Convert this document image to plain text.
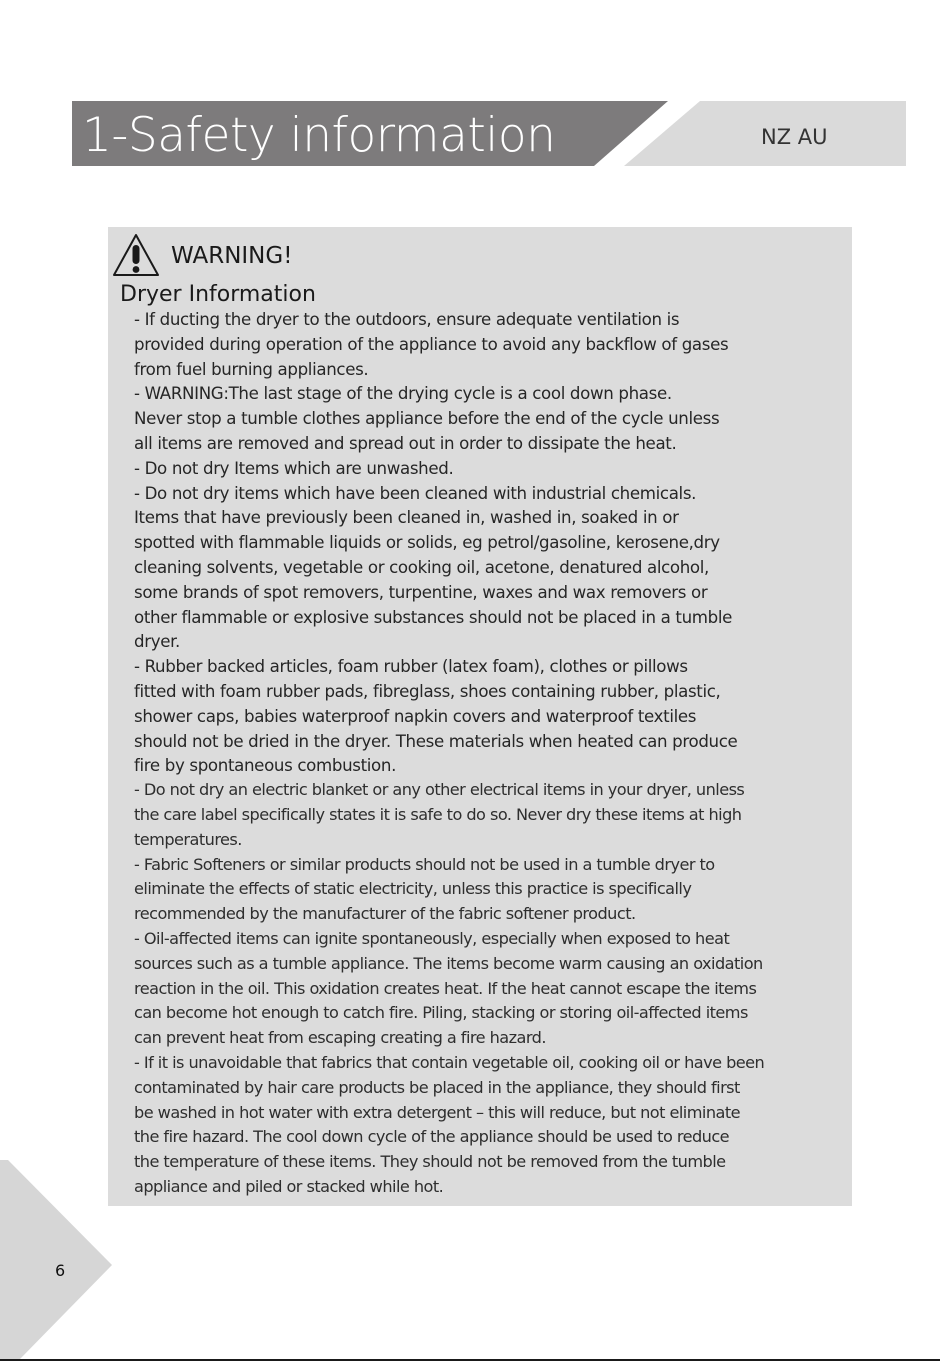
1-Safety information	NZ AU
WARNING!
Dryer Information
- If ducting the dryer to the outdoors, ensure adequate ventilation is
provided during operation of the appliance to avoid any backflow of gases
from fuel burning appliances.
- WARNING:The last stage of the drying cycle is a cool down phase.
Never stop a tumble clothes appliance before the end of the cycle unless
all items are removed and spread out in order to dissipate the heat.
- Do not dry Items which are unwashed.
- Do not dry items which have been cleaned with industrial chemicals.
Items that have previously been cleaned in, washed in, soaked in or
spotted with flammable liquids or solids, eg petrol/gasoline, kerosene,dry
cleaning solvents, vegetable or cooking oil, acetone, denatured alcohol,
some brands of spot removers, turpentine, waxes and wax removers or
other flammable or explosive substances should not be placed in a tumble
dryer.
- Rubber backed articles, foam rubber (latex foam), clothes or pillows
fitted with foam rubber pads, fibreglass, shoes containing rubber, plastic,
shower caps, babies waterproof napkin covers and waterproof textiles
should not be dried in the dryer. These materials when heated can produce
fire by spontaneous combustion.
- Do not dry an electric blanket or any other electrical items in your dryer, unless
the care label specifically states it is safe to do so. Never dry these items at high
temperatures.
- Fabric Softeners or similar products should not be used in a tumble dryer to
eliminate the effects of static electricity, unless this practice is specifically
recommended by the manufacturer of the fabric softener product.
- Oil-affected items can ignite spontaneously, especially when exposed to heat
sources such as a tumble appliance. The items become warm causing an oxidation
reaction in the oil. This oxidation creates heat. If the heat cannot escape the items
can become hot enough to catch fire. Piling, stacking or storing oil-affected items
can prevent heat from escaping creating a fire hazard.
- If it is unavoidable that fabrics that contain vegetable oil, cooking oil or have been
contaminated by hair care products be placed in the appliance, they should first
be washed in hot water with extra detergent – this will reduce, but not eliminate
the fire hazard. The cool down cycle of the appliance should be used to reduce
the temperature of these items. They should not be removed from the tumble
appliance and piled or stacked while hot.
6
